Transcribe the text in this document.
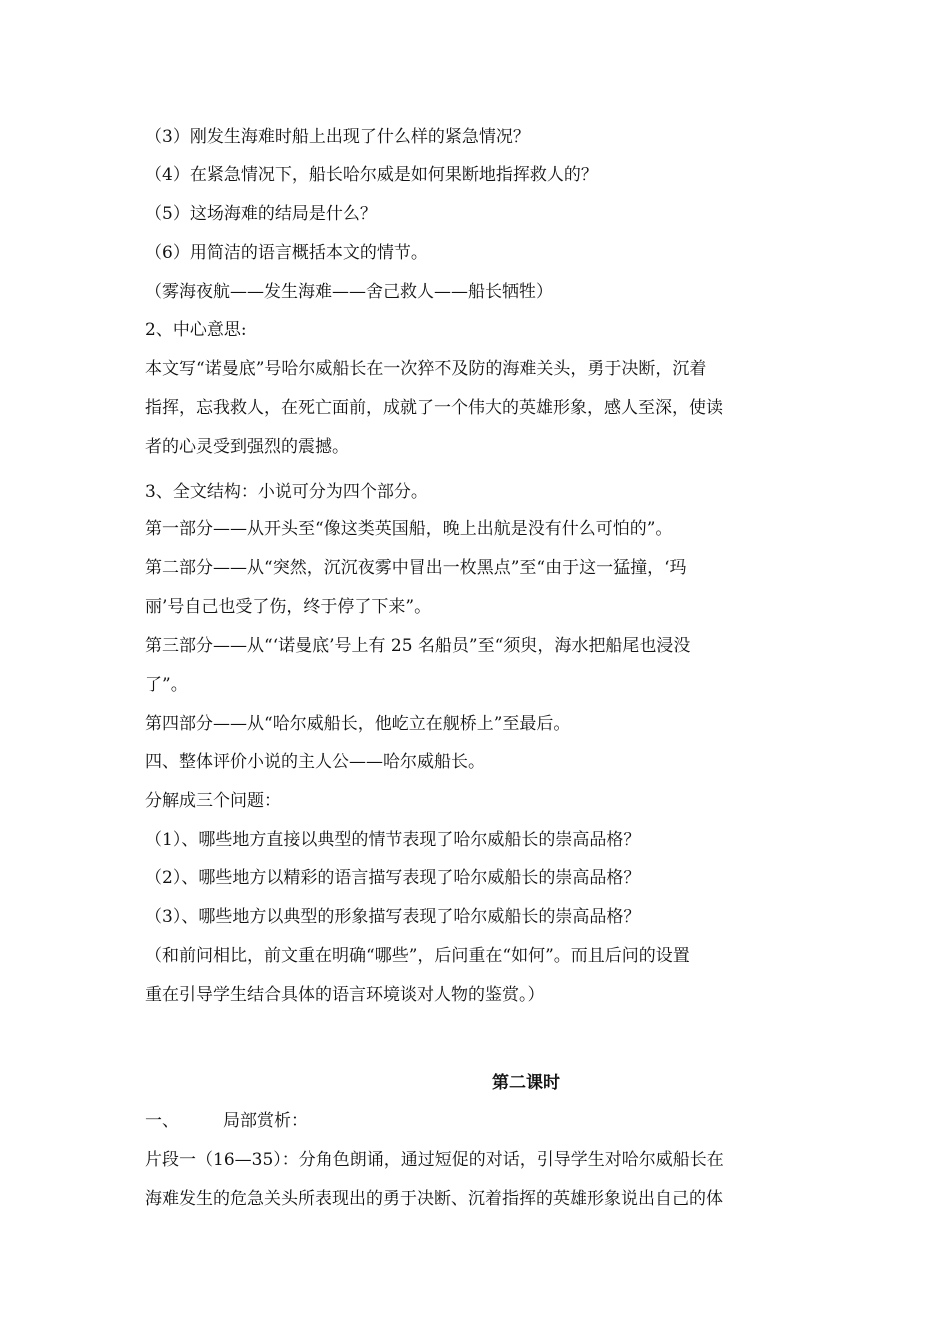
（3）刚发生海难时船上出现了什么样的紧急情况？
（4）在紧急情况下，船长哈尔威是如何果断地指挥救人的？
（5）这场海难的结局是什么？
（6）用简洁的语言概括本文的情节。
（雾海夜航——发生海难——舍己救人——船长牺牲）
2、中心意思:
本文写“诺曼底”号哈尔威船长在一次猝不及防的海难关头，勇于决断，沉着
指挥，忘我救人，在死亡面前，成就了一个伟大的英雄形象，感人至深，使读
者的心灵受到强烈的震撼。
3、全文结构：小说可分为四个部分。
第一部分——从开头至“像这类英国船，晚上出航是没有什么可怕的”。
第二部分——从“突然，沉沉夜雾中冒出一枚黑点”至“由于这一猛撞，‘玛
丽’号自己也受了伤，终于停了下来”。
第三部分——从“‘诺曼底’号上有 25 名船员”至“须臾，海水把船尾也浸没
了”。
第四部分——从“哈尔威船长，他屹立在舰桥上”至最后。
四、整体评价小说的主人公——哈尔威船长。
分解成三个问题：
（1）、哪些地方直接以典型的情节表现了哈尔威船长的崇高品格？
（2）、哪些地方以精彩的语言描写表现了哈尔威船长的崇高品格？
（3）、哪些地方以典型的形象描写表现了哈尔威船长的崇高品格？
（和前问相比，前文重在明确“哪些”，后问重在“如何”。而且后问的设置
重在引导学生结合具体的语言环境谈对人物的鉴赏。）
第二课时
一、	局部赏析：
片段一（16—35）：分角色朗诵，通过短促的对话，引导学生对哈尔威船长在
海难发生的危急关头所表现出的勇于决断、沉着指挥的英雄形象说出自己的体
